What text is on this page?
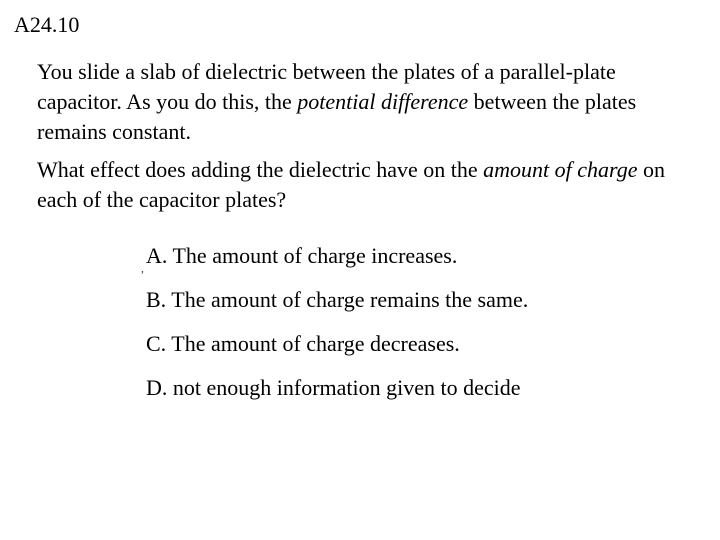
A24.10
You slide a slab of dielectric between the plates of a parallel-plate capacitor. As you do this, the potential difference between the plates remains constant.
What effect does adding the dielectric have on the amount of charge on each of the capacitor plates?
, A. The amount of charge increases.
B. The amount of charge remains the same.
C. The amount of charge decreases.
D. not enough information given to decide
